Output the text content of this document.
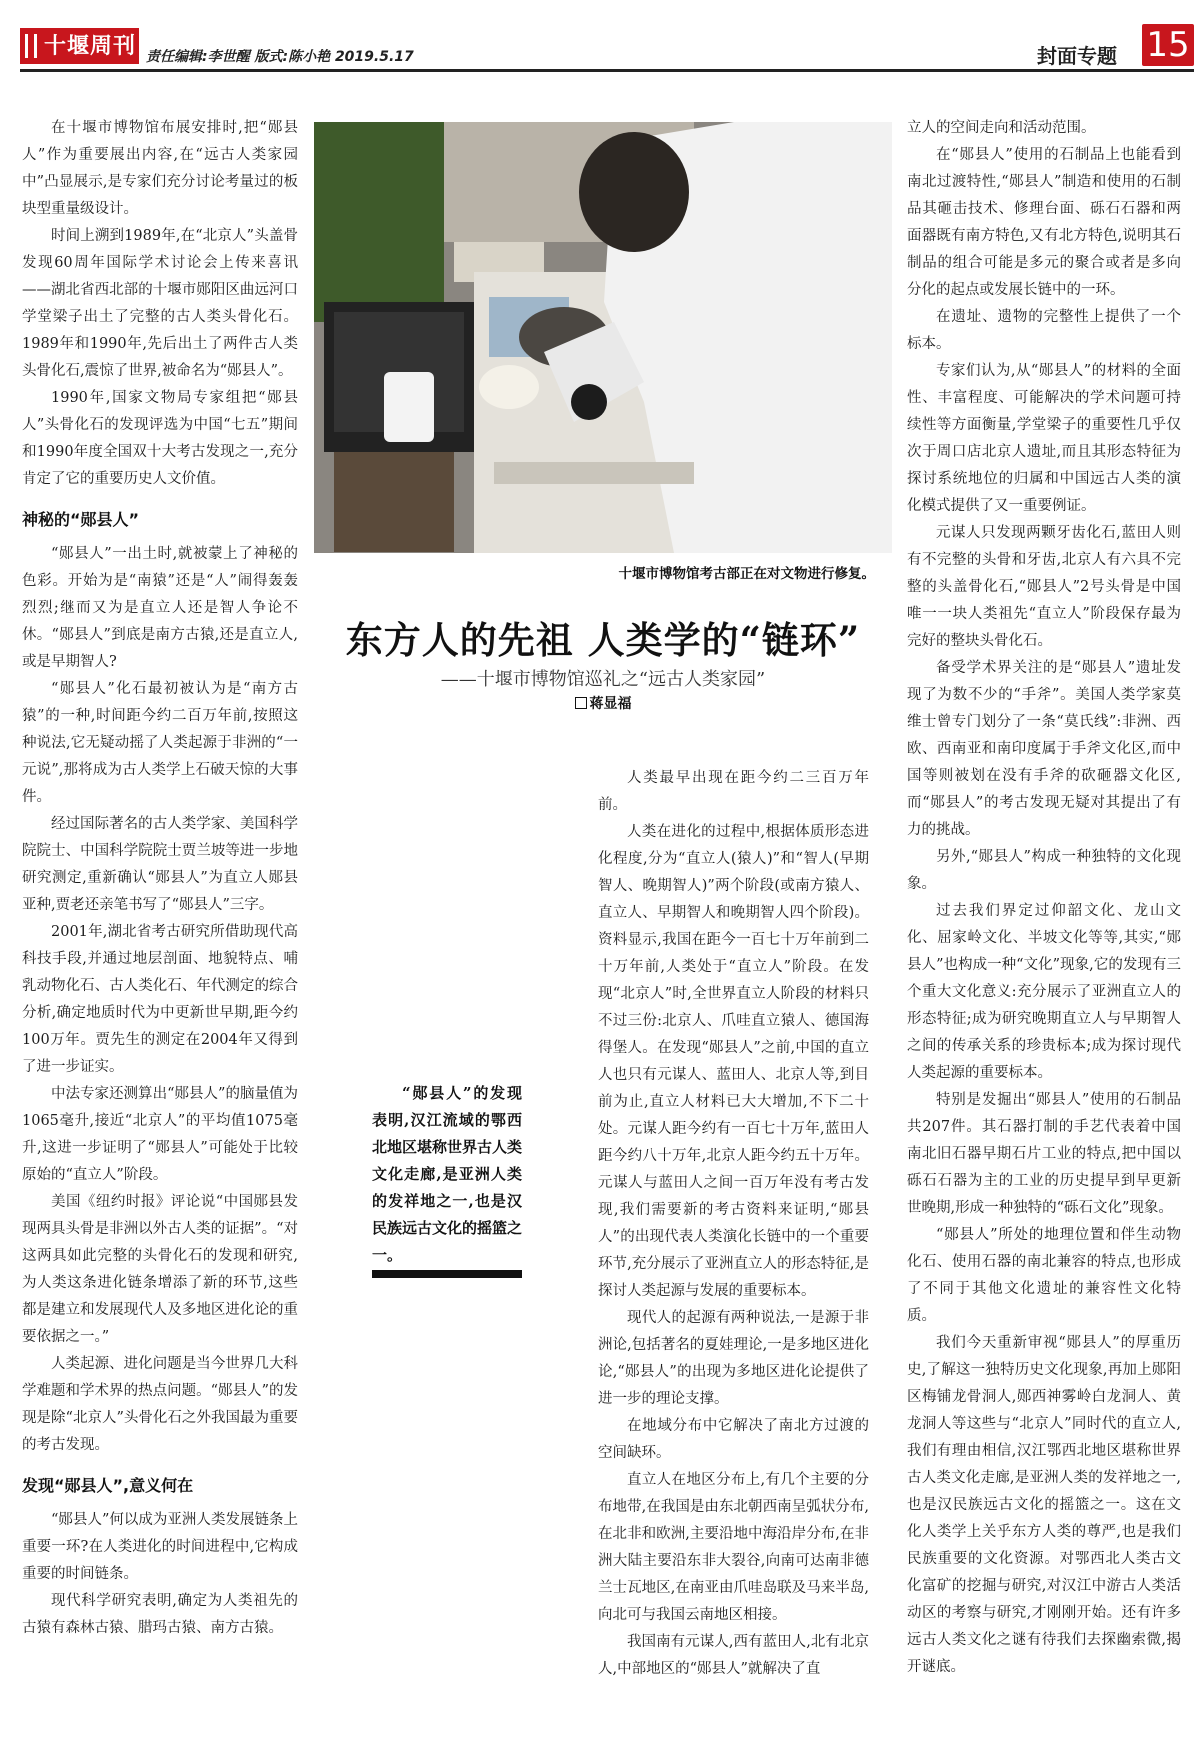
十堰周刊 责任编辑:李世醒 版式:陈小艳 2019.5.17	封面专题 15

在十堰市博物馆布展安排时,把“郧县人”作为重要展出内容,在“远古人类家园中”凸显展示,是专家们充分讨论考量过的板块型重量级设计。

时间上溯到1989年,在“北京人”头盖骨发现60周年国际学术讨论会上传来喜讯——湖北省西北部的十堰市郧阳区曲远河口学堂梁子出土了完整的古人类头骨化石。1989年和1990年,先后出土了两件古人类头骨化石,震惊了世界,被命名为“郧县人”。

1990年,国家文物局专家组把“郧县人”头骨化石的发现评选为中国“七五”期间和1990年度全国双十大考古发现之一,充分肯定了它的重要历史人文价值。

神秘的“郧县人”

“郧县人”一出土时,就被蒙上了神秘的色彩。开始为是“南猿”还是“人”闹得轰轰烈烈;继而又为是直立人还是智人争论不休。“郧县人”到底是南方古猿,还是直立人,或是早期智人?

“郧县人”化石最初被认为是“南方古猿”的一种,时间距今约二百万年前,按照这种说法,它无疑动摇了人类起源于非洲的“一元说”,那将成为古人类学上石破天惊的大事件。

经过国际著名的古人类学家、美国科学院院士、中国科学院院士贾兰坡等进一步地研究测定,重新确认“郧县人”为直立人郧县亚种,贾老还亲笔书写了“郧县人”三字。

2001年,湖北省考古研究所借助现代高科技手段,并通过地层剖面、地貌特点、哺乳动物化石、古人类化石、年代测定的综合分析,确定地质时代为中更新世早期,距今约100万年。贾先生的测定在2004年又得到了进一步证实。

中法专家还测算出“郧县人”的脑量值为1065毫升,接近“北京人”的平均值1075毫升,这进一步证明了“郧县人”可能处于比较原始的“直立人”阶段。

美国《纽约时报》评论说“中国郧县发现两具头骨是非洲以外古人类的证据”。“对这两具如此完整的头骨化石的发现和研究,为人类这条进化链条增添了新的环节,这些都是建立和发展现代人及多地区进化论的重要依据之一。”

人类起源、进化问题是当今世界几大科学难题和学术界的热点问题。“郧县人”的发现是除“北京人”头骨化石之外我国最为重要的考古发现。

发现“郧县人”,意义何在

“郧县人”何以成为亚洲人类发展链条上重要一环?在人类进化的时间进程中,它构成重要的时间链条。

现代科学研究表明,确定为人类祖先的古猿有森林古猿、腊玛古猿、南方古猿。

十堰市博物馆考古部正在对文物进行修复。
东方人的先祖 人类学的“链环”
——十堰市博物馆巡礼之“远古人类家园”
蒋显福

“郧县人”的发现表明,汉江流域的鄂西北地区堪称世界古人类文化走廊,是亚洲人类的发祥地之一,也是汉民族远古文化的摇篮之一。

人类最早出现在距今约二三百万年前。

人类在进化的过程中,根据体质形态进化程度,分为“直立人(猿人)”和“智人(早期智人、晚期智人)”两个阶段(或南方猿人、直立人、早期智人和晚期智人四个阶段)。资料显示,我国在距今一百七十万年前到二十万年前,人类处于“直立人”阶段。在发现“北京人”时,全世界直立人阶段的材料只不过三份:北京人、爪哇直立猿人、德国海得堡人。在发现“郧县人”之前,中国的直立人也只有元谋人、蓝田人、北京人等,到目前为止,直立人材料已大大增加,不下二十处。元谋人距今约有一百七十万年,蓝田人距今约八十万年,北京人距今约五十万年。元谋人与蓝田人之间一百万年没有考古发现,我们需要新的考古资料来证明,“郧县人”的出现代表人类演化长链中的一个重要环节,充分展示了亚洲直立人的形态特征,是探讨人类起源与发展的重要标本。

现代人的起源有两种说法,一是源于非洲论,包括著名的夏娃理论,一是多地区进化论,“郧县人”的出现为多地区进化论提供了进一步的理论支撑。

在地域分布中它解决了南北方过渡的空间缺环。

直立人在地区分布上,有几个主要的分布地带,在我国是由东北朝西南呈弧状分布,在北非和欧洲,主要沿地中海沿岸分布,在非洲大陆主要沿东非大裂谷,向南可达南非德兰士瓦地区,在南亚由爪哇岛联及马来半岛,向北可与我国云南地区相接。

我国南有元谋人,西有蓝田人,北有北京人,中部地区的“郧县人”就解决了直

立人的空间走向和活动范围。

在“郧县人”使用的石制品上也能看到南北过渡特性,“郧县人”制造和使用的石制品其砸击技术、修理台面、砾石石器和两面器既有南方特色,又有北方特色,说明其石制品的组合可能是多元的聚合或者是多向分化的起点或发展长链中的一环。

在遗址、遗物的完整性上提供了一个标本。

专家们认为,从“郧县人”的材料的全面性、丰富程度、可能解决的学术问题可持续性等方面衡量,学堂梁子的重要性几乎仅次于周口店北京人遗址,而且其形态特征为探讨系统地位的归属和中国远古人类的演化模式提供了又一重要例证。

元谋人只发现两颗牙齿化石,蓝田人则有不完整的头骨和牙齿,北京人有六具不完整的头盖骨化石,“郧县人”2号头骨是中国唯一一块人类祖先“直立人”阶段保存最为完好的整块头骨化石。

备受学术界关注的是“郧县人”遗址发现了为数不少的“手斧”。美国人类学家莫维士曾专门划分了一条“莫氏线”:非洲、西欧、西南亚和南印度属于手斧文化区,而中国等则被划在没有手斧的砍砸器文化区,而“郧县人”的考古发现无疑对其提出了有力的挑战。

另外,“郧县人”构成一种独特的文化现象。

过去我们界定过仰韶文化、龙山文化、屈家岭文化、半坡文化等等,其实,“郧县人”也构成一种“文化”现象,它的发现有三个重大文化意义:充分展示了亚洲直立人的形态特征;成为研究晚期直立人与早期智人之间的传承关系的珍贵标本;成为探讨现代人类起源的重要标本。

特别是发掘出“郧县人”使用的石制品共207件。其石器打制的手艺代表着中国南北旧石器早期石片工业的特点,把中国以砾石石器为主的工业的历史提早到早更新世晚期,形成一种独特的“砾石文化”现象。

“郧县人”所处的地理位置和伴生动物化石、使用石器的南北兼容的特点,也形成了不同于其他文化遗址的兼容性文化特质。

我们今天重新审视“郧县人”的厚重历史,了解这一独特历史文化现象,再加上郧阳区梅铺龙骨洞人,郧西神雾岭白龙洞人、黄龙洞人等这些与“北京人”同时代的直立人,我们有理由相信,汉江鄂西北地区堪称世界古人类文化走廊,是亚洲人类的发祥地之一,也是汉民族远古文化的摇篮之一。这在文化人类学上关乎东方人类的尊严,也是我们民族重要的文化资源。对鄂西北人类古文化富矿的挖掘与研究,对汉江中游古人类活动区的考察与研究,才刚刚开始。还有许多远古人类文化之谜有待我们去探幽索微,揭开谜底。
